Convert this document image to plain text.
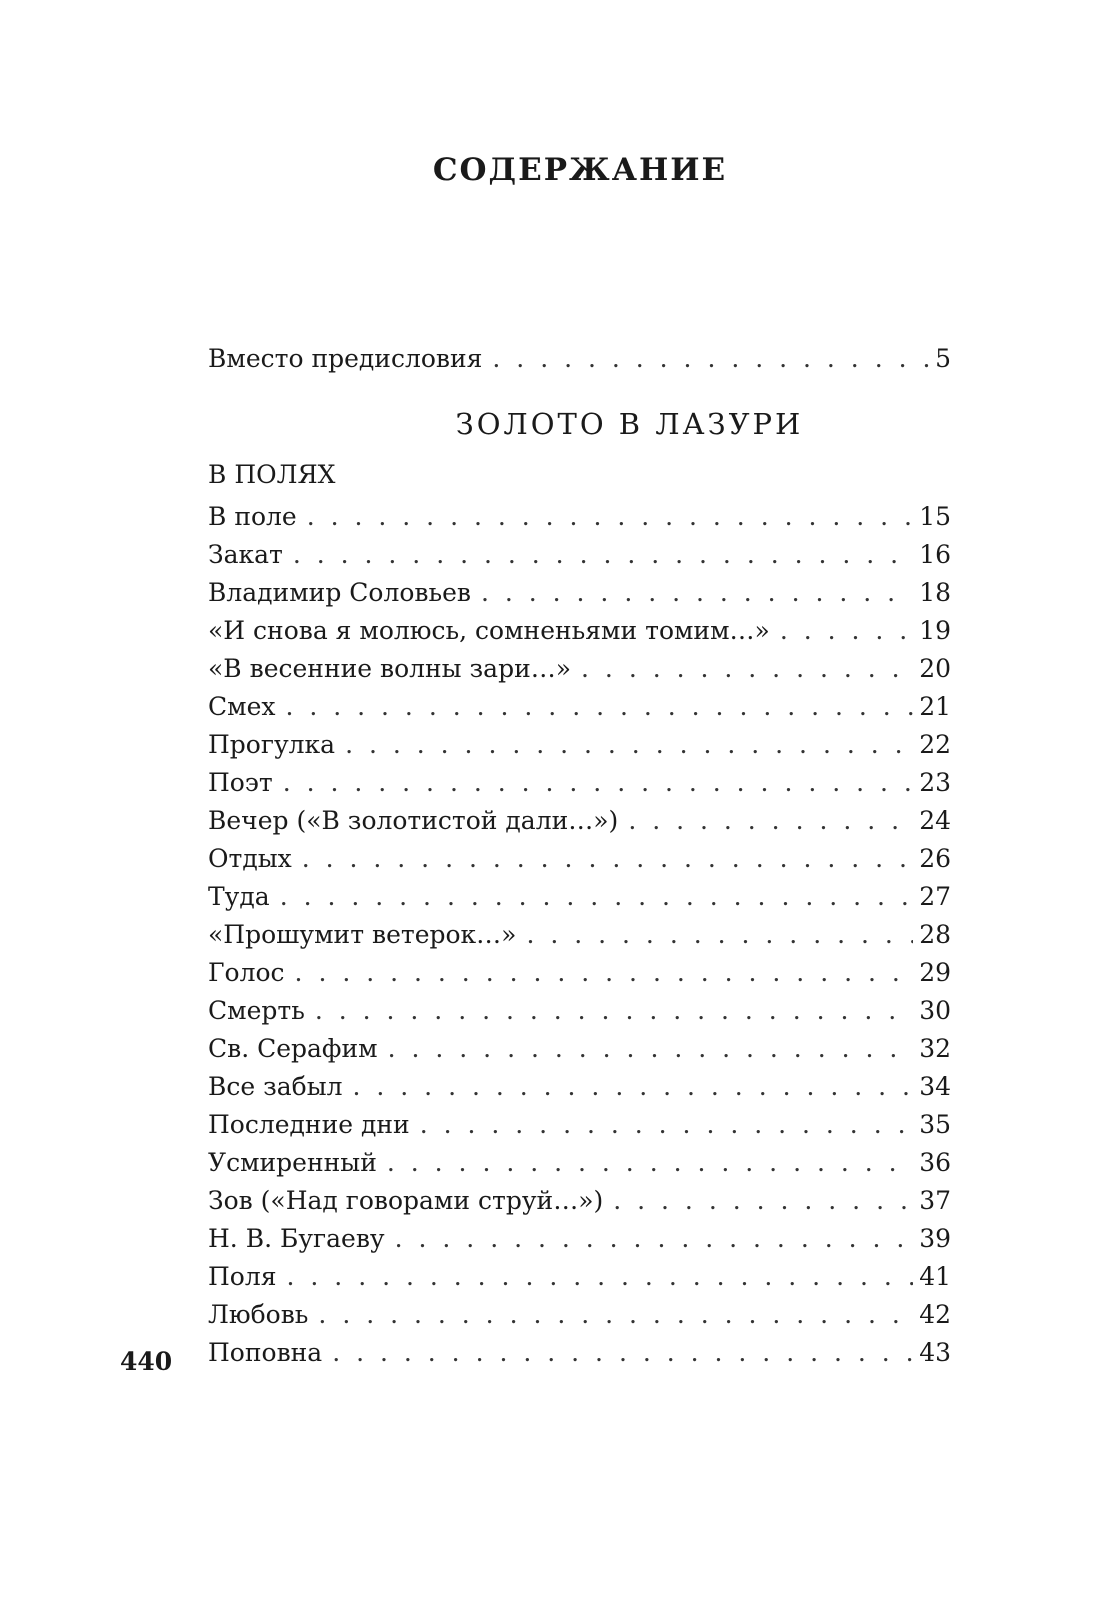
СОДЕРЖАНИЕ
Вместо предисловия . . .	5
ЗОЛОТО В ЛАЗУРИ
В ПОЛЯХ
В поле . . .	15
Закат . . .	16
Владимир Соловьев . . .	18
«И снова я молюсь, сомненьями томим…» . . .	19
«В весенние волны зари…» . . .	20
Смех . . .	21
Прогулка . . .	22
Поэт . . .	23
Вечер («В золотистой дали…») . . .	24
Отдых . . .	26
Туда . . .	27
«Прошумит ветерок…» . . .	28
Голос . . .	29
Смерть . . .	30
Св. Серафим . . .	32
Все забыл . . .	34
Последние дни . . .	35
Усмиренный . . .	36
Зов («Над говорами струй…») . . .	37
Н. В. Бугаеву . . .	39
Поля . . .	41
Любовь . . .	42
Поповна . . .	43
440
